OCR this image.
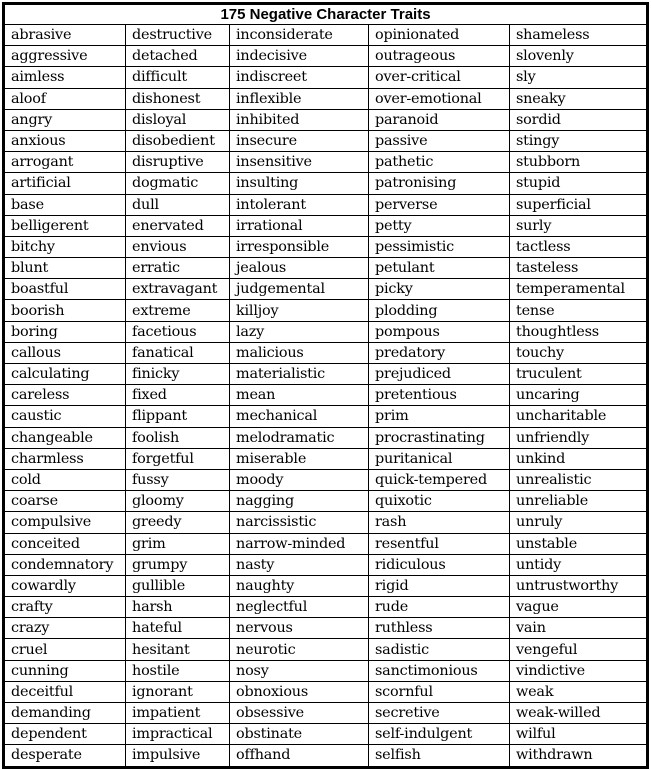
175 Negative Character Traits				
abrasive	destructive	inconsiderate	opinionated	shameless
aggressive	detached	indecisive	outrageous	slovenly
aimless	difficult	indiscreet	over-critical	sly
aloof	dishonest	inflexible	over-emotional	sneaky
angry	disloyal	inhibited	paranoid	sordid
anxious	disobedient	insecure	passive	stingy
arrogant	disruptive	insensitive	pathetic	stubborn
artificial	dogmatic	insulting	patronising	stupid
base	dull	intolerant	perverse	superficial
belligerent	enervated	irrational	petty	surly
bitchy	envious	irresponsible	pessimistic	tactless
blunt	erratic	jealous	petulant	tasteless
boastful	extravagant	judgemental	picky	temperamental
boorish	extreme	killjoy	plodding	tense
boring	facetious	lazy	pompous	thoughtless
callous	fanatical	malicious	predatory	touchy
calculating	finicky	materialistic	prejudiced	truculent
careless	fixed	mean	pretentious	uncaring
caustic	flippant	mechanical	prim	uncharitable
changeable	foolish	melodramatic	procrastinating	unfriendly
charmless	forgetful	miserable	puritanical	unkind
cold	fussy	moody	quick-tempered	unrealistic
coarse	gloomy	nagging	quixotic	unreliable
compulsive	greedy	narcissistic	rash	unruly
conceited	grim	narrow-minded	resentful	unstable
condemnatory	grumpy	nasty	ridiculous	untidy
cowardly	gullible	naughty	rigid	untrustworthy
crafty	harsh	neglectful	rude	vague
crazy	hateful	nervous	ruthless	vain
cruel	hesitant	neurotic	sadistic	vengeful
cunning	hostile	nosy	sanctimonious	vindictive
deceitful	ignorant	obnoxious	scornful	weak
demanding	impatient	obsessive	secretive	weak-willed
dependent	impractical	obstinate	self-indulgent	wilful
desperate	impulsive	offhand	selfish	withdrawn
